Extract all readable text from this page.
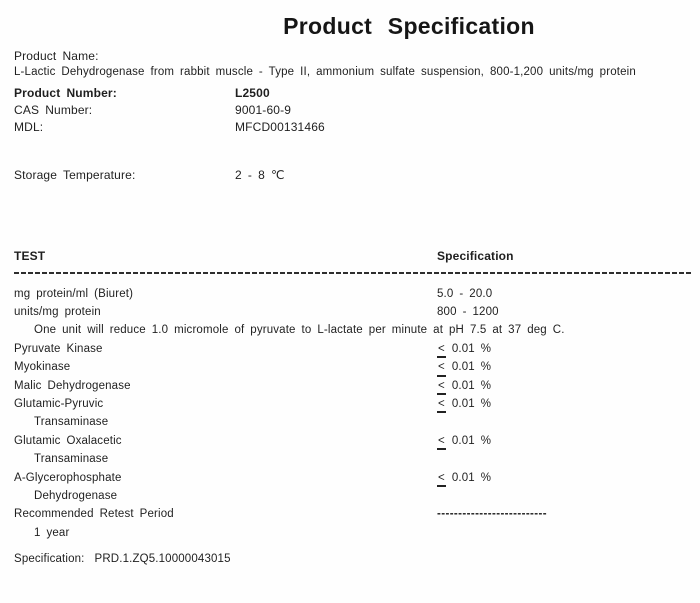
Product Specification
Product Name:
L-Lactic Dehydrogenase from rabbit muscle - Type II, ammonium sulfate suspension, 800-1,200 units/mg protein
Product Number:	L2500
CAS Number:	9001-60-9
MDL:	MFCD00131466
Storage Temperature:	2 - 8 ℃
TEST	Specification
mg protein/ml (Biuret)	5.0 - 20.0
units/mg protein	800 - 1200
One unit will reduce 1.0 micromole of pyruvate to L-lactate per minute at pH 7.5 at 37 deg C.
Pyruvate Kinase	< 0.01 %
Myokinase	< 0.01 %
Malic Dehydrogenase	< 0.01 %
Glutamic-Pyruvic	< 0.01 %
Transaminase
Glutamic Oxalacetic	< 0.01 %
Transaminase
A-Glycerophosphate	< 0.01 %
Dehydrogenase
Recommended Retest Period	--------------------------
1 year
Specification: PRD.1.ZQ5.10000043015
